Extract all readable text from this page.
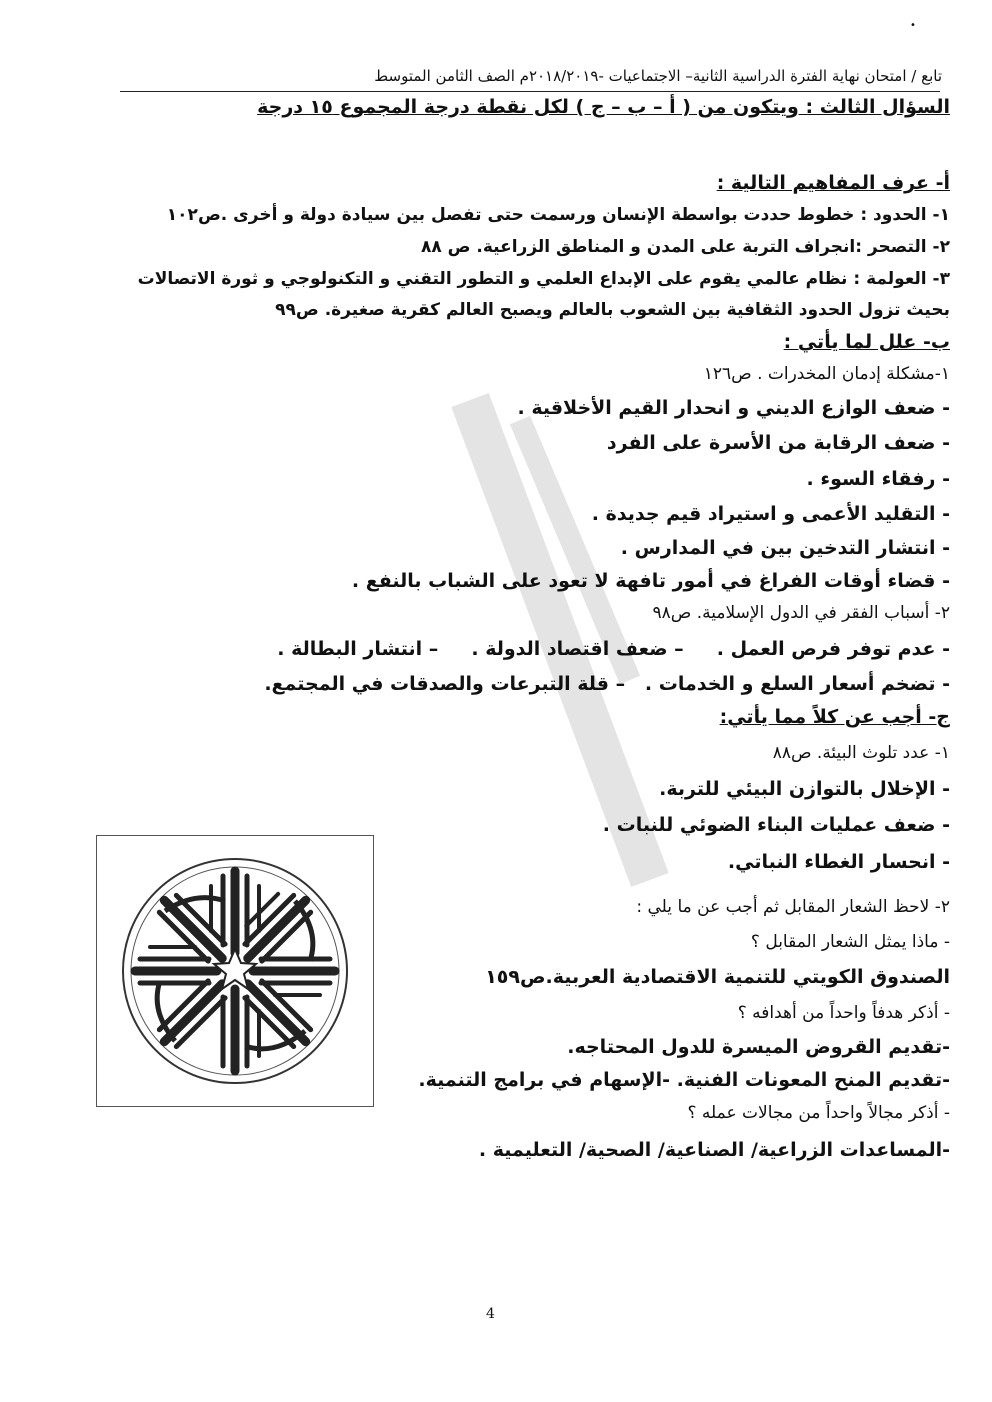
•
تابع / امتحان نهاية الفترة الدراسية الثانية– الاجتماعيات -٢٠١٨/٢٠١٩م الصف الثامن المتوسط
السؤال الثالث : ويتكون من ( أ – ب – ج ) لكل نقطة درجة المجموع ١٥ درجة
أ- عرف المفاهيم التالية :
١- الحدود : خطوط حددت بواسطة الإنسان ورسمت حتى تفصل بين سيادة دولة و أخرى .ص١٠٢
٢- التصحر :انجراف التربة على المدن و المناطق الزراعية. ص ٨٨
٣- العولمة : نظام عالمي يقوم على الإبداع العلمي و التطور التقني و التكنولوجي و ثورة الاتصالات
بحيث تزول الحدود الثقافية بين الشعوب بالعالم ويصبح العالم كقرية صغيرة. ص٩٩
ب- علل لما يأتي :
١-مشكلة إدمان المخدرات . ص١٢٦
- ضعف الوازع الديني و انحدار القيم الأخلاقية .
- ضعف الرقابة من الأسرة على الفرد
- رفقاء السوء .
- التقليد الأعمى و استيراد قيم جديدة .
- انتشار التدخين بين في المدارس .
- قضاء أوقات الفراغ في أمور تافهة لا تعود على الشباب بالنفع .
٢- أسباب الفقر في الدول الإسلامية. ص٩٨
- عدم توفر فرص العمل .     – ضعف اقتصاد الدولة .     – انتشار البطالة .
- تضخم أسعار السلع و الخدمات .   – قلة التبرعات والصدقات في المجتمع.
ج- أجب عن كلاً مما يأتي:
١- عدد تلوث البيئة. ص٨٨
- الإخلال بالتوازن البيئي للتربة.
- ضعف عمليات البناء الضوئي للنبات .
- انحسار الغطاء النباتي.
٢- لاحظ الشعار المقابل ثم أجب عن ما يلي :
- ماذا يمثل الشعار المقابل ؟
الصندوق الكويتي للتنمية الاقتصادية العربية.ص١٥٩
- أذكر هدفاً واحداً من أهدافه ؟
-تقديم القروض الميسرة للدول المحتاجه.
-تقديم المنح المعونات الفنية. -الإسهام في برامج التنمية.
- أذكر مجالاً واحداً من مجالات عمله ؟
-المساعدات الزراعية/ الصناعية/ الصحية/ التعليمية .
4
